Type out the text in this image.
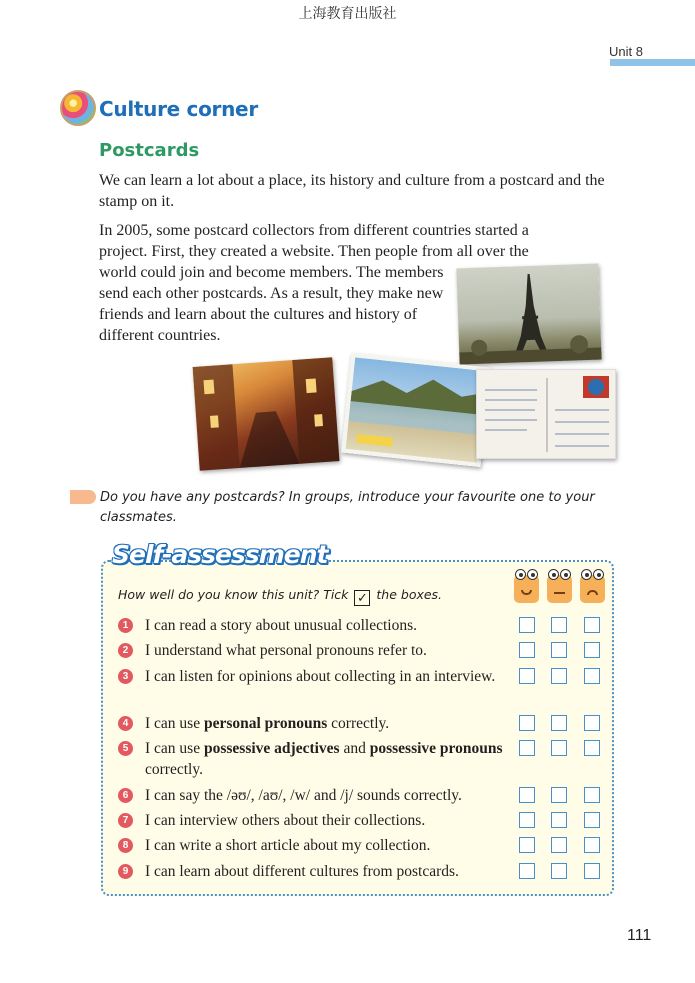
上海教育出版社
Unit 8
Culture corner
Postcards

We can learn a lot about a place, its history and culture from a postcard and the stamp on it.

In 2005, some postcard collectors from different countries started a project. First, they created a website. Then people from all over the

world could join and become members. The members send each other postcards. As a result, they make new friends and learn about the cultures and history of different countries.

Do you have any postcards? In groups, introduce your favourite one to your classmates.
Self-assessment
How well do you know this unit? Tick ✓ the boxes.
1	I can read a story about unusual collections.
2	I understand what personal pronouns refer to.
3	I can listen for opinions about collecting in an interview.
4	I can use personal pronouns correctly.
5	I can use possessive adjectives and possessive pronouns correctly.
6	I can say the /əʊ/, /aʊ/, /w/ and /j/ sounds correctly.
7	I can interview others about their collections.
8	I can write a short article about my collection.
9	I can learn about different cultures from postcards.
111
